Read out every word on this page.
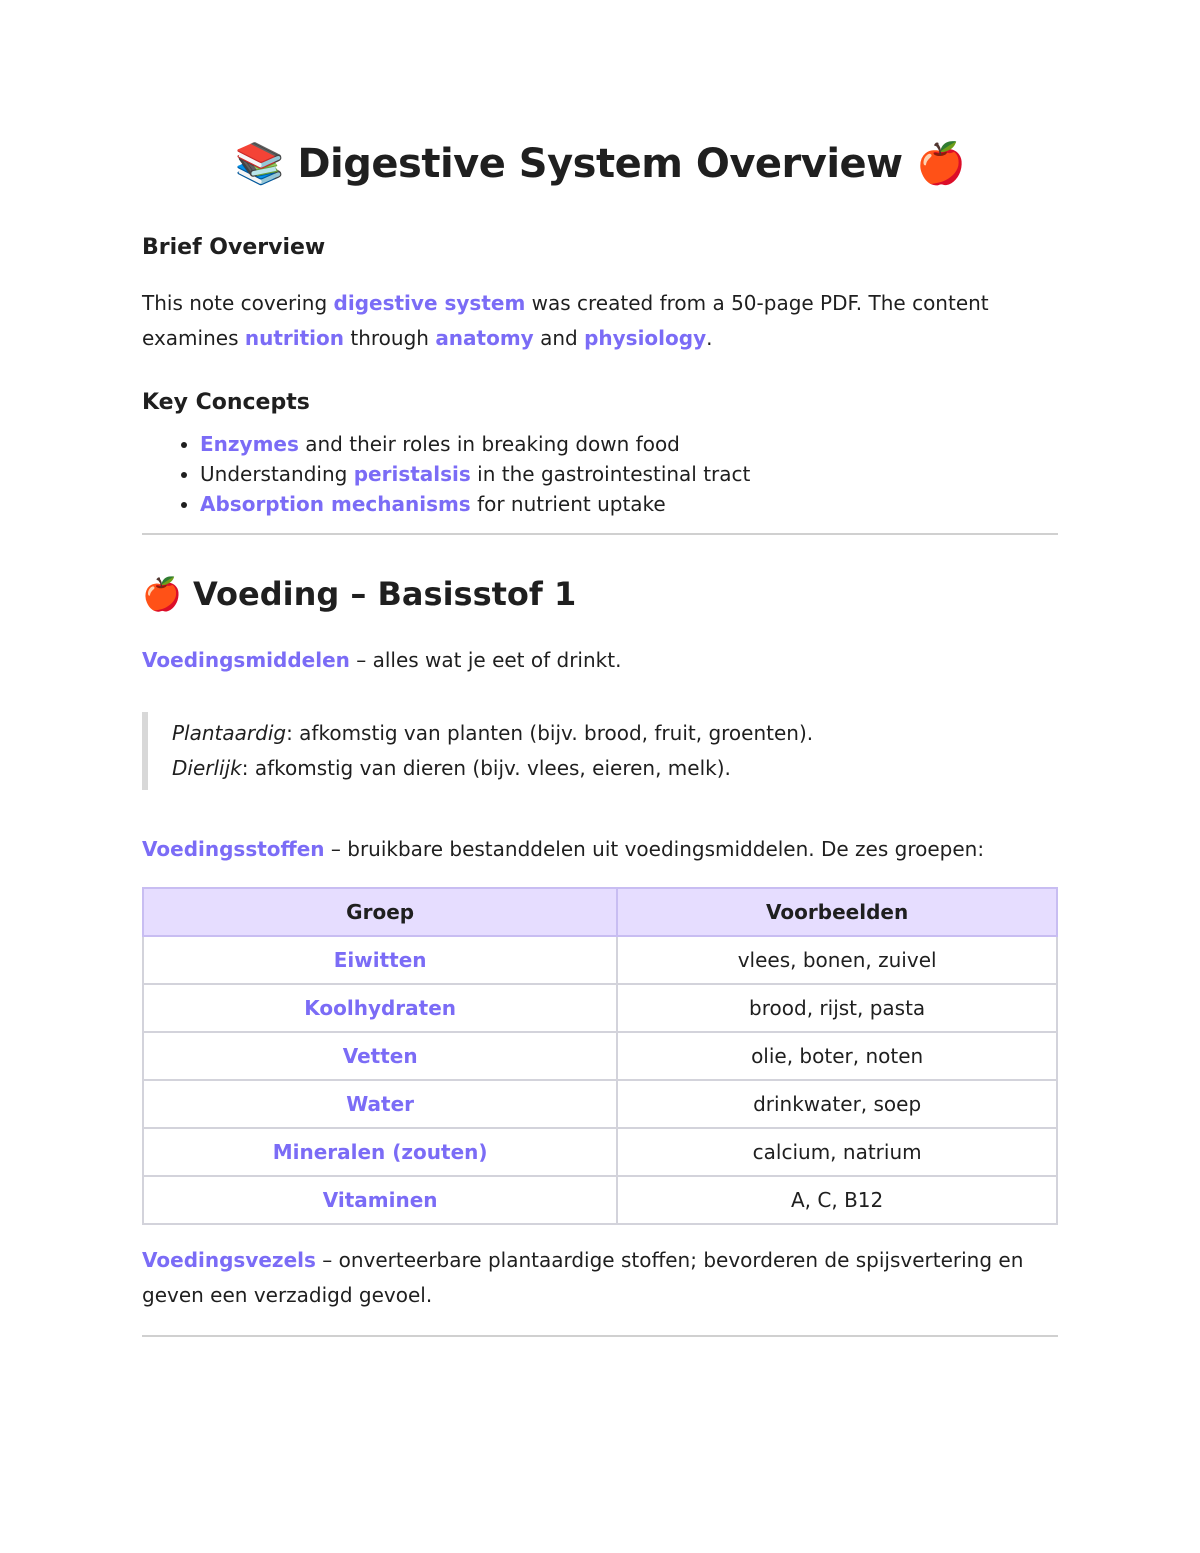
📚 Digestive System Overview 🍎
Brief Overview

This note covering digestive system was created from a 50-page PDF. The content examines nutrition through anatomy and physiology.

Key Concepts
• Enzymes and their roles in breaking down food
• Understanding peristalsis in the gastrointestinal tract
• Absorption mechanisms for nutrient uptake
🍎 Voeding – Basisstof 1

Voedingsmiddelen – alles wat je eet of drinkt.

Plantaardig: afkomstig van planten (bijv. brood, fruit, groenten).
Dierlijk: afkomstig van dieren (bijv. vlees, eieren, melk).

Voedingsstoffen – bruikbare bestanddelen uit voedingsmiddelen. De zes groepen:

Groep	Voorbeelden
Eiwitten	vlees, bonen, zuivel
Koolhydraten	brood, rijst, pasta
Vetten	olie, boter, noten
Water	drinkwater, soep
Mineralen (zouten)	calcium, natrium
Vitaminen	A, C, B12

Voedingsvezels – onverteerbare plantaardige stoffen; bevorderen de spijsvertering en geven een verzadigd gevoel.
